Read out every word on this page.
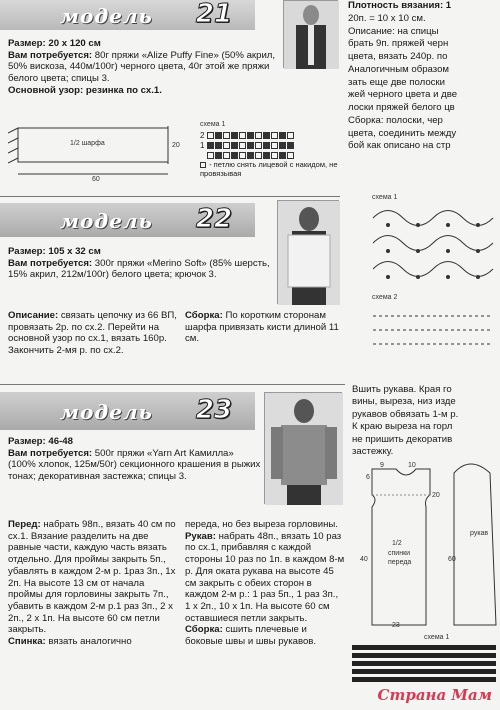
модель	21
Размер: 20 х 120 см
Вам потребуется: 80г пряжи «Alize Puffy Fine» (50% акрил, 50% вискоза, 440м/100г) черного цвета, 40г этой же пряжи белого цвета; спицы 3.
Основной узор: резинка по сх.1.
1/2 шарфа	20
60
схема 1
2
1
- петлю снять лицевой с накидом, не провязывая
Плотность вязания: 1
20п. = 10 х 10 см.
Описание: на спицы
брать 9п. пряжей черн
цвета, вязать 240р. по
Аналогичным образом
зать еще две полоски
жей черного цвета и две
лоски пряжей белого цв
Сборка: полоски, чер
цвета, соединить между
бой как описано на стр
модель	22
Размер: 105 х 32 см
Вам потребуется: 300г пряжи «Merino Soft» (85% шерсть, 15% акрил, 212м/100г) белого цвета; крючок 3.
Описание: связать цепочку из 66 ВП, провязать 2р. по сх.2. Перейти на основной узор по сх.1, вязать 160р. Закончить 2-мя р. по сх.2.
Сборка: По коротким сторонам шарфа привязать кисти длиной 11 см.
схема 1
схема 2
модель	23
Размер: 46-48
Вам потребуется: 500г пряжи «Yarn Art Камилла» (100% хлопок, 125м/50г) секционного крашения в рыжих тонах; декоративная застежка; спицы 3.
Перед: набрать 98п., вязать 40 см по сх.1. Вязание разделить на две равные части, каждую часть вязать отдельно. Для проймы закрыть 5п., убавлять в каждом 2-м р. 1раз 3п., 1х 2п. На высоте 13 см от начала проймы для горловины закрыть 7п., убавить в каждом 2-м р.1 раз 3п., 2 х 2п., 2 х 1п. На высоте 60 см петли закрыть.
Спинка: вязать аналогично
переда, но без выреза горловины.
Рукав: набрать 48п., вязать 10 раз по сх.1, прибавляя с каждой стороны 10 раз по 1п. в каждом 8-м р. Для оката рукава на высоте 45 см закрыть с обеих сторон в каждом 2-м р.: 1 раз 5п., 1 раз 3п., 1 х 2п., 10 х 1п. На высоте 60 см оставшиеся петли закрыть.
Сборка: сшить плечевые и боковые швы и швы рукавов.
Вшить рукава. Края го
вины, выреза, низ изде
рукавов обвязать 1-м р.
К краю выреза на горл
не пришить декоратив
застежку.
9	10
6
20
40	60
23
1/2
спинки переда
рукав
схема 1
Страна Мам
